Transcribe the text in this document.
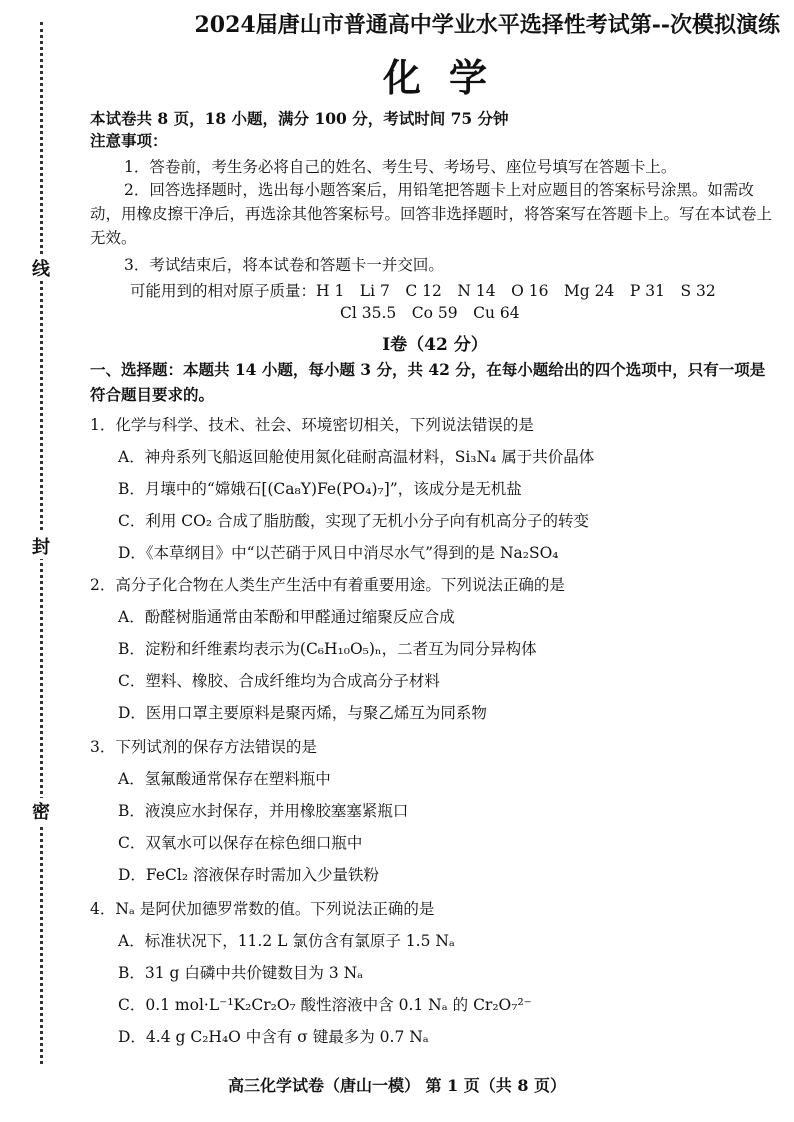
线
封
密
2024届唐山市普通高中学业水平选择性考试第--次模拟演练
化学
本试卷共 8 页，18 小题，满分 100 分，考试时间 75 分钟
注意事项：
1．答卷前，考生务必将自己的姓名、考生号、考场号、座位号填写在答题卡上。
2．回答选择题时，选出每小题答案后，用铅笔把答题卡上对应题目的答案标号涂黑。如需改动，用橡皮擦干净后，再选涂其他答案标号。回答非选择题时，将答案写在答题卡上。写在本试卷上无效。
3．考试结束后，将本试卷和答题卡一并交回。
可能用到的相对原子质量：H 1　Li 7　C 12　N 14　O 16　Mg 24　P 31　S 32
Cl 35.5　Co 59　Cu 64
Ⅰ卷（42 分）
一、选择题：本题共 14 小题，每小题 3 分，共 42 分，在每小题给出的四个选项中，只有一项是符合题目要求的。
1．化学与科学、技术、社会、环境密切相关，下列说法错误的是
A．神舟系列飞船返回舱使用氮化硅耐高温材料，Si₃N₄ 属于共价晶体
B．月壤中的“嫦娥石[(Ca₈Y)Fe(PO₄)₇]”，该成分是无机盐
C．利用 CO₂ 合成了脂肪酸，实现了无机小分子向有机高分子的转变
D．《本草纲目》中“以芒硝于风日中消尽水气”得到的是 Na₂SO₄
2．高分子化合物在人类生产生活中有着重要用途。下列说法正确的是
A．酚醛树脂通常由苯酚和甲醛通过缩聚反应合成
B．淀粉和纤维素均表示为(C₆H₁₀O₅)ₙ，二者互为同分异构体
C．塑料、橡胶、合成纤维均为合成高分子材料
D．医用口罩主要原料是聚丙烯，与聚乙烯互为同系物
3．下列试剂的保存方法错误的是
A．氢氟酸通常保存在塑料瓶中
B．液溴应水封保存，并用橡胶塞塞紧瓶口
C．双氧水可以保存在棕色细口瓶中
D．FeCl₂ 溶液保存时需加入少量铁粉
4．Nₐ 是阿伏加德罗常数的值。下列说法正确的是
A．标准状况下，11.2 L 氯仿含有氯原子 1.5 Nₐ
B．31 g 白磷中共价键数目为 3 Nₐ
C．0.1 mol·L⁻¹K₂Cr₂O₇ 酸性溶液中含 0.1 Nₐ 的 Cr₂O₇²⁻
D．4.4 g C₂H₄O 中含有 σ 键最多为 0.7 Nₐ
高三化学试卷（唐山一模） 第 1 页（共 8 页）
